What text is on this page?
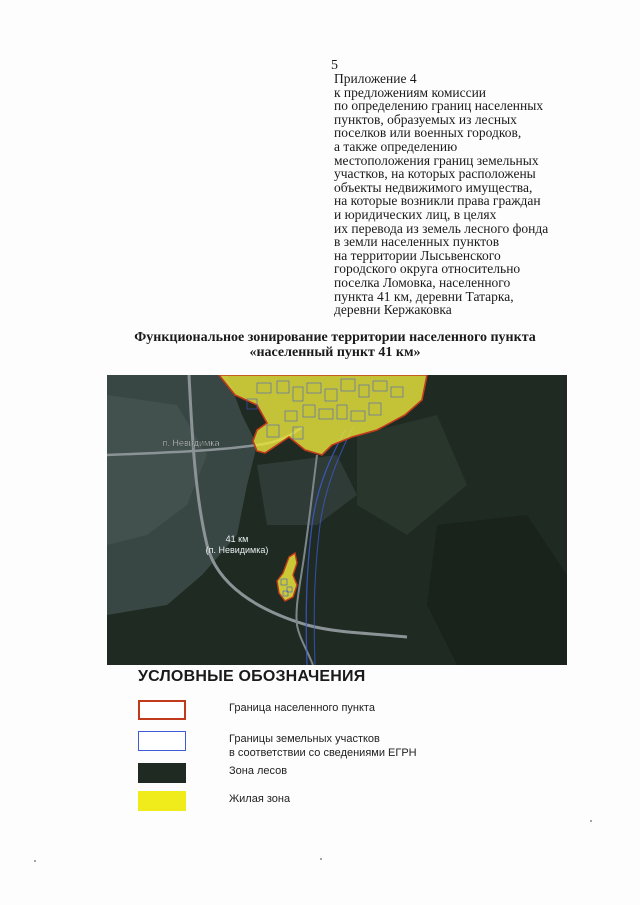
5

Приложение 4
к предложениям комиссии
по определению границ населенных
пунктов, образуемых из лесных
поселков или военных городков,
а также определению
местоположения границ земельных
участков, на которых расположены
объекты недвижимого имущества,
на которые возникли права граждан
и юридических лиц, в целях
их перевода из земель лесного фонда
в земли населенных пунктов
на территории Лысьвенского
городского округа относительно
поселка Ломовка, населенного
пункта 41 км, деревни Татарка,
деревни Кержаковка

Функциональное зонирование территории населенного пункта
«населенный пункт 41 км»
п. Невидимка
41 км
(п. Невидимка)
УСЛОВНЫЕ ОБОЗНАЧЕНИЯ
Граница населенного пункта
Границы земельных участков
в соответствии со сведениями ЕГРН
Зона лесов
Жилая зона
